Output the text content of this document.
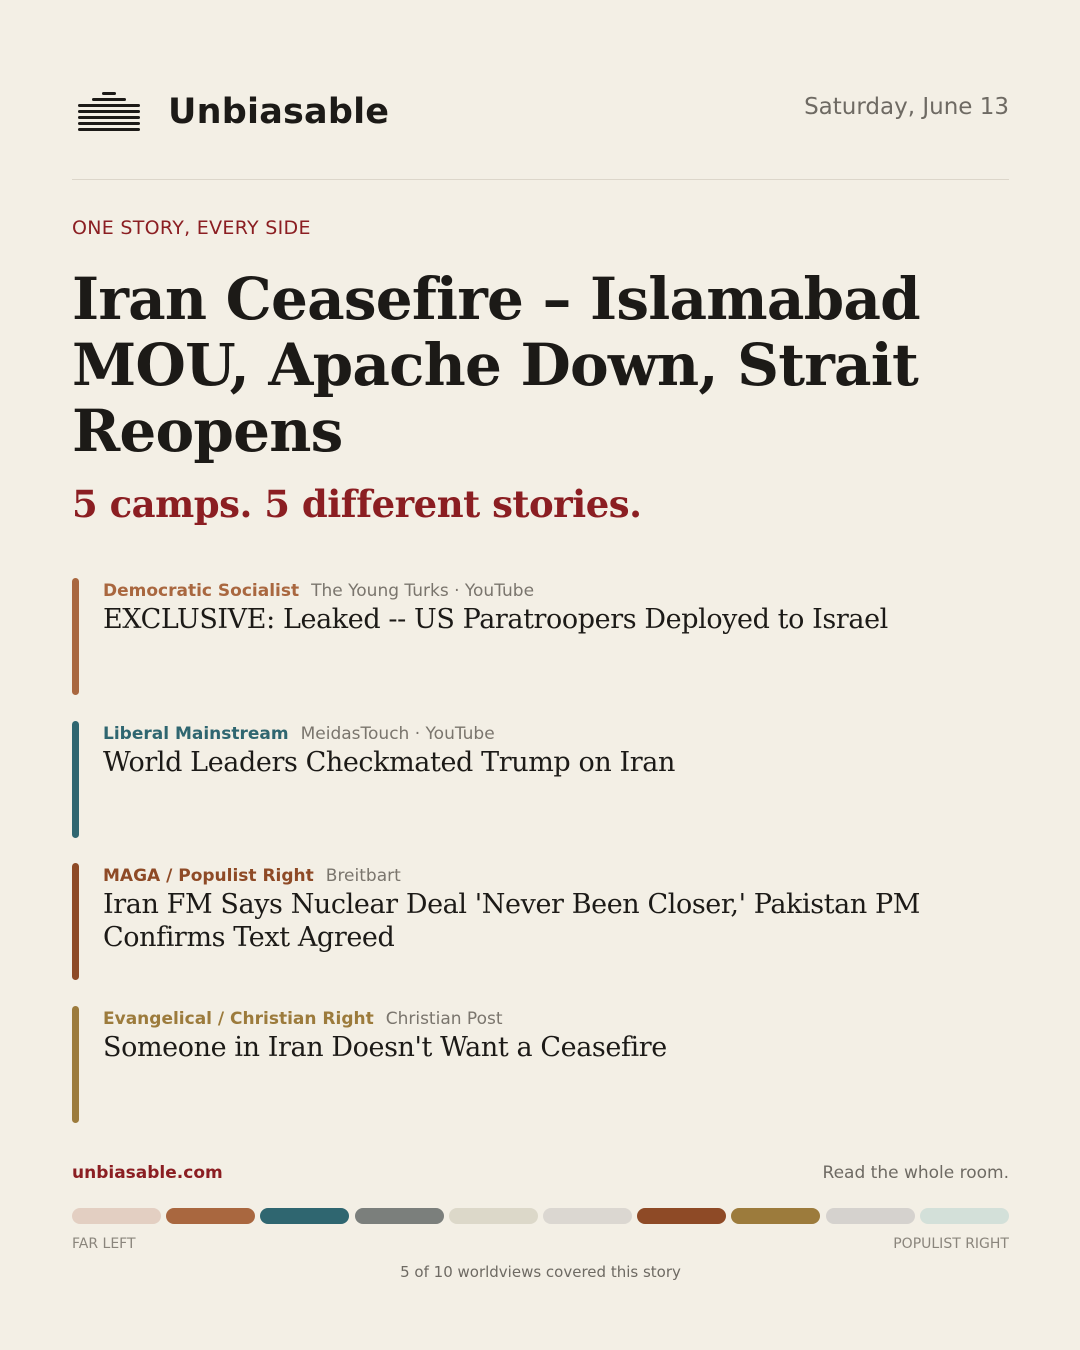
Unbiasable	Saturday, June 13
ONE STORY, EVERY SIDE
Iran Ceasefire – Islamabad MOU, Apache Down, Strait Reopens
5 camps. 5 different stories.
Democratic Socialist The Young Turks · YouTube
EXCLUSIVE: Leaked -- US Paratroopers Deployed to Israel
Liberal Mainstream MeidasTouch · YouTube
World Leaders Checkmated Trump on Iran
MAGA / Populist Right Breitbart
Iran FM Says Nuclear Deal 'Never Been Closer,' Pakistan PM Confirms Text Agreed
Evangelical / Christian Right Christian Post
Someone in Iran Doesn't Want a Ceasefire
unbiasable.com	Read the whole room.
FAR LEFT	POPULIST RIGHT
5 of 10 worldviews covered this story
